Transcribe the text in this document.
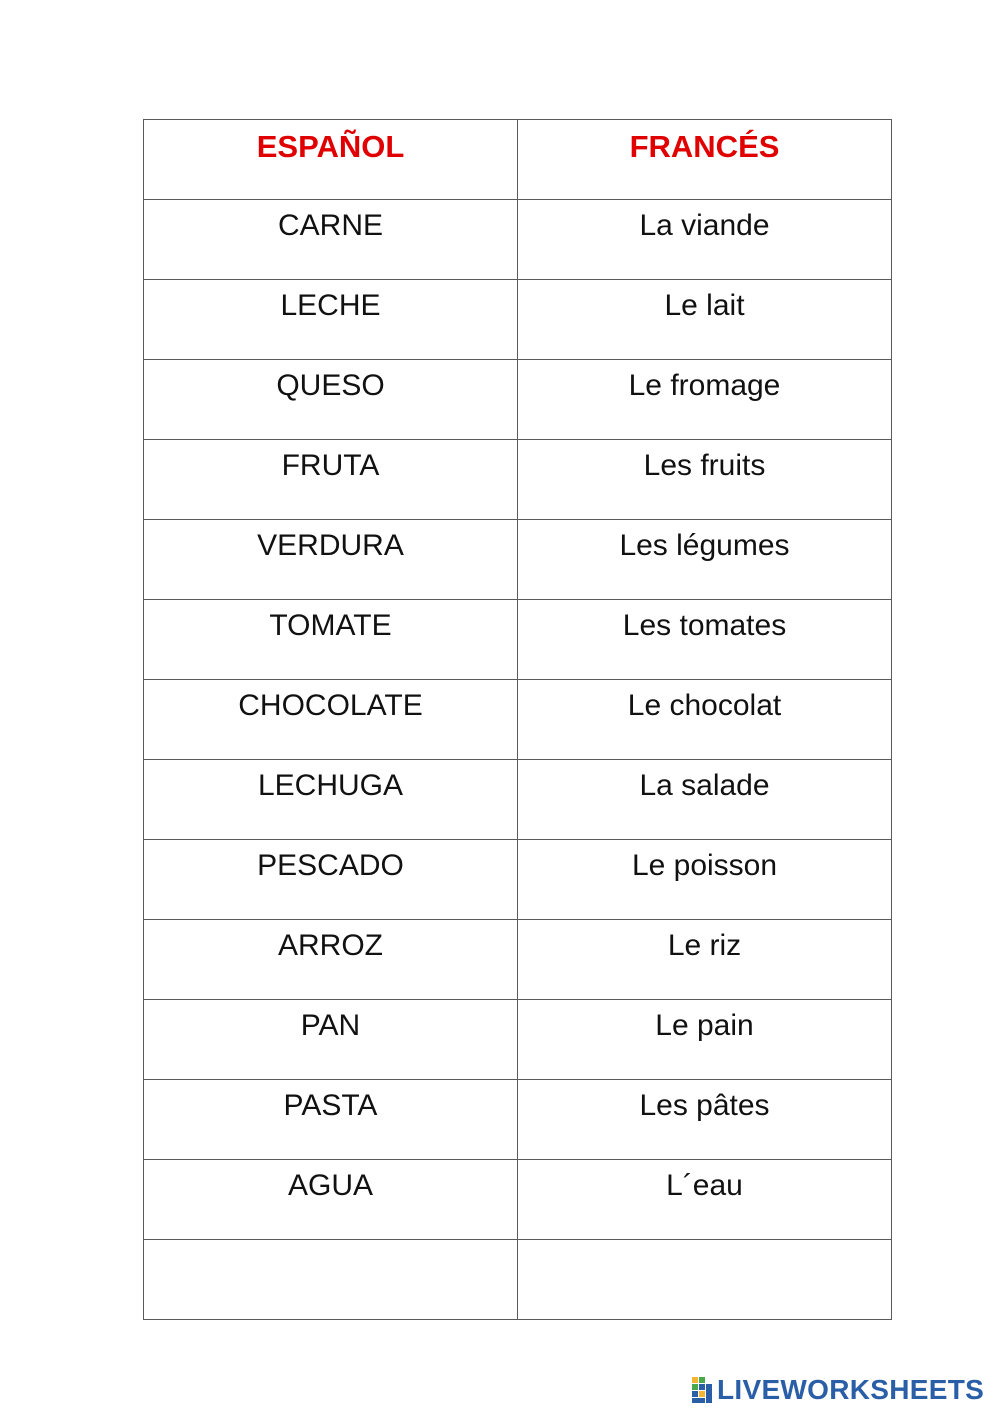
ESPAÑOL	FRANCÉS

CARNE	La viande

LECHE	Le lait

QUESO	Le fromage

FRUTA	Les fruits

VERDURA	Les légumes

TOMATE	Les tomates

CHOCOLATE	Le chocolat

LECHUGA	La salade

PESCADO	Le poisson

ARROZ	Le riz

PAN	Le pain

PASTA	Les pâtes

AGUA	L´eau

LIVEWORKSHEETS
